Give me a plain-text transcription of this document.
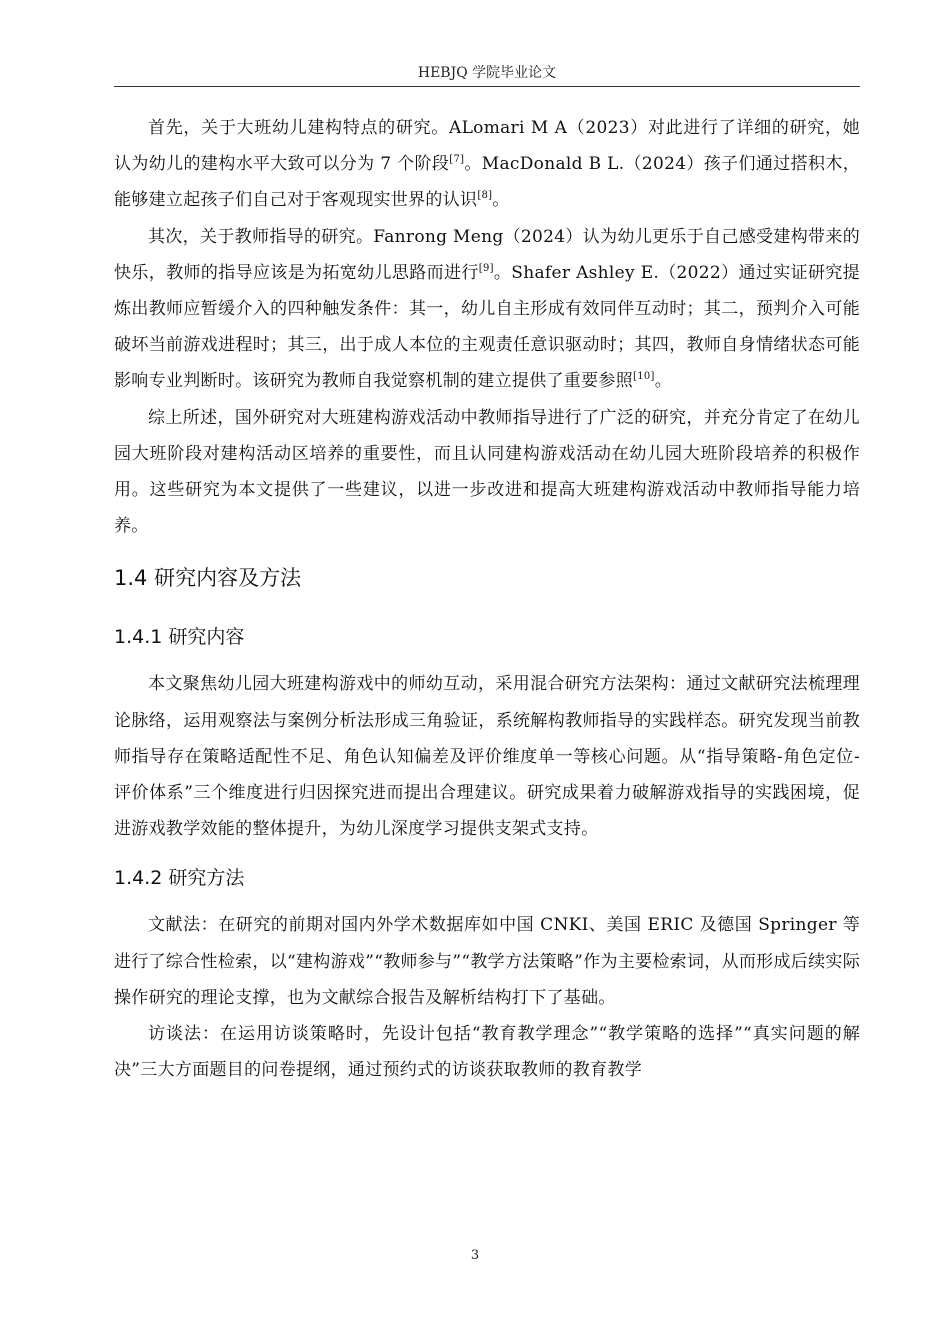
HEBJQ 学院毕业论文

首先，关于大班幼儿建构特点的研究。ALomari M A（2023）对此进行了详细的研究，她认为幼儿的建构水平大致可以分为 7 个阶段[7]。MacDonald B L.（2024）孩子们通过搭积木，能够建立起孩子们自己对于客观现实世界的认识[8]。

其次，关于教师指导的研究。Fanrong Meng（2024）认为幼儿更乐于自己感受建构带来的快乐，教师的指导应该是为拓宽幼儿思路而进行[9]。Shafer Ashley E.（2022）通过实证研究提炼出教师应暂缓介入的四种触发条件：其一，幼儿自主形成有效同伴互动时；其二，预判介入可能破坏当前游戏进程时；其三，出于成人本位的主观责任意识驱动时；其四，教师自身情绪状态可能影响专业判断时。该研究为教师自我觉察机制的建立提供了重要参照[10]。

综上所述，国外研究对大班建构游戏活动中教师指导进行了广泛的研究，并充分肯定了在幼儿园大班阶段对建构活动区培养的重要性，而且认同建构游戏活动在幼儿园大班阶段培养的积极作用。这些研究为本文提供了一些建议，以进一步改进和提高大班建构游戏活动中教师指导能力培养。

1.4 研究内容及方法
1.4.1 研究内容

本文聚焦幼儿园大班建构游戏中的师幼互动，采用混合研究方法架构：通过文献研究法梳理理论脉络，运用观察法与案例分析法形成三角验证，系统解构教师指导的实践样态。研究发现当前教师指导存在策略适配性不足、角色认知偏差及评价维度单一等核心问题。从“指导策略-角色定位-评价体系”三个维度进行归因探究进而提出合理建议。研究成果着力破解游戏指导的实践困境，促进游戏教学效能的整体提升，为幼儿深度学习提供支架式支持。

1.4.2 研究方法

文献法：在研究的前期对国内外学术数据库如中国 CNKI、美国 ERIC 及德国 Springer 等进行了综合性检索，以“建构游戏”“教师参与”“教学方法策略”作为主要检索词，从而形成后续实际操作研究的理论支撑，也为文献综合报告及解析结构打下了基础。

访谈法：在运用访谈策略时，先设计包括“教育教学理念”“教学策略的选择”“真实问题的解决”三大方面题目的问卷提纲，通过预约式的访谈获取教师的教育教学

3
